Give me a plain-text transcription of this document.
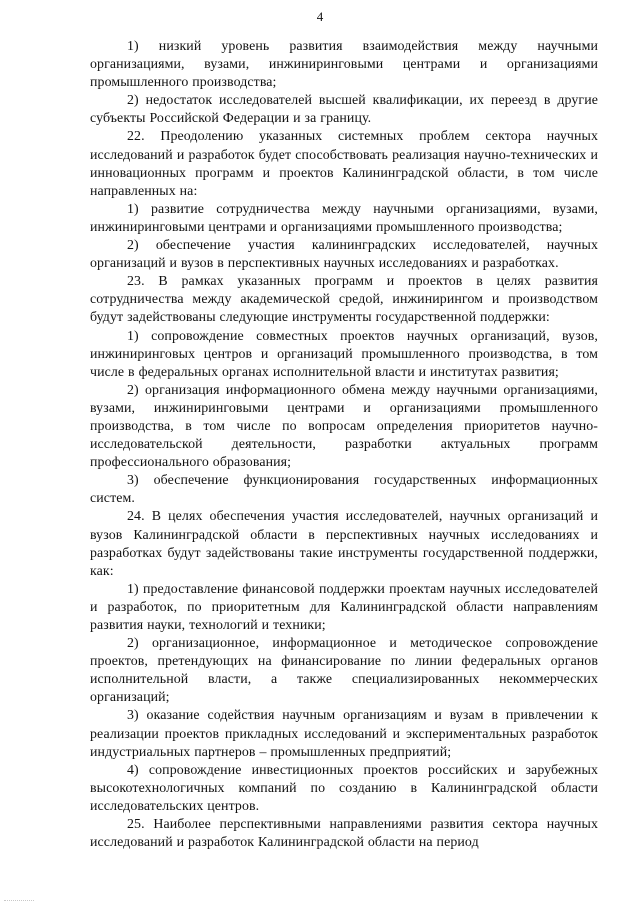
4

1) низкий уровень развития взаимодействия между научными организациями, вузами, инжиниринговыми центрами и организациями промышленного производства;

2) недостаток исследователей высшей квалификации, их переезд в другие субъекты Российской Федерации и за границу.

22. Преодолению указанных системных проблем сектора научных исследований и разработок будет способствовать реализация научно-технических и инновационных программ и проектов Калининградской области, в том числе направленных на:

1) развитие сотрудничества между научными организациями, вузами, инжиниринговыми центрами и организациями промышленного производства;

2) обеспечение участия калининградских исследователей, научных организаций и вузов в перспективных научных исследованиях и разработках.

23. В рамках указанных программ и проектов в целях развития сотрудничества между академической средой, инжинирингом и производством будут задействованы следующие инструменты государственной поддержки:

1) сопровождение совместных проектов научных организаций, вузов, инжиниринговых центров и организаций промышленного производства, в том числе в федеральных органах исполнительной власти и институтах развития;

2) организация информационного обмена между научными организациями, вузами, инжиниринговыми центрами и организациями промышленного производства, в том числе по вопросам определения приоритетов научно-исследовательской деятельности, разработки актуальных программ профессионального образования;

3) обеспечение функционирования государственных информационных систем.

24. В целях обеспечения участия исследователей, научных организаций и вузов Калининградской области в перспективных научных исследованиях и разработках будут задействованы такие инструменты государственной поддержки, как:

1) предоставление финансовой поддержки проектам научных исследователей и разработок, по приоритетным для Калининградской области направлениям развития науки, технологий и техники;

2) организационное, информационное и методическое сопровождение проектов, претендующих на финансирование по линии федеральных органов исполнительной власти, а также специализированных некоммерческих организаций;

3) оказание содействия научным организациям и вузам в привлечении к реализации проектов прикладных исследований и экспериментальных разработок индустриальных партнеров – промышленных предприятий;

4) сопровождение инвестиционных проектов российских и зарубежных высокотехнологичных компаний по созданию в Калининградской области исследовательских центров.

25. Наиболее перспективными направлениями развития сектора научных исследований и разработок Калининградской области на период
